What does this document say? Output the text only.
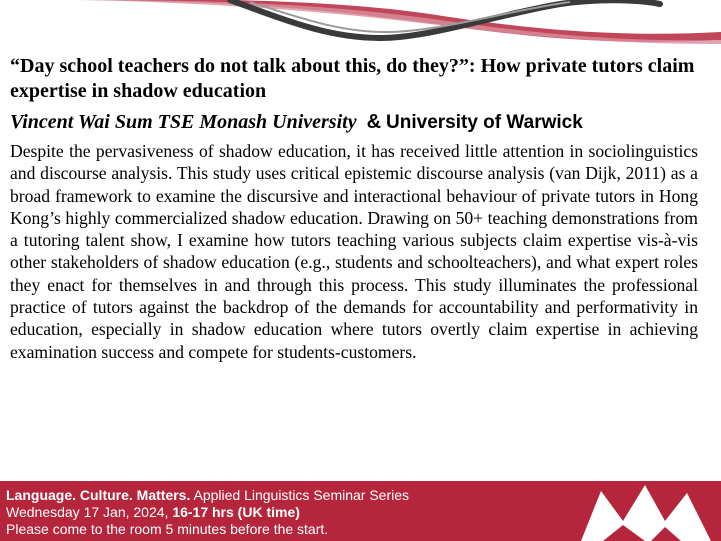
“Day school teachers do not talk about this, do they?”: How private tutors claim expertise in shadow education
Vincent Wai Sum TSE Monash University & University of Warwick

Despite the pervasiveness of shadow education, it has received little attention in sociolinguistics and discourse analysis. This study uses critical epistemic discourse analysis (van Dijk, 2011) as a broad framework to examine the discursive and interactional behaviour of private tutors in Hong Kong’s highly commercialized shadow education. Drawing on 50+ teaching demonstrations from a tutoring talent show, I examine how tutors teaching various subjects claim expertise vis-à-vis other stakeholders of shadow education (e.g., students and schoolteachers), and what expert roles they enact for themselves in and through this process. This study illuminates the professional practice of tutors against the backdrop of the demands for accountability and performativity in education, especially in shadow education where tutors overtly claim expertise in achieving examination success and compete for students-customers.

Language. Culture. Matters. Applied Linguistics Seminar Series
Wednesday 17 Jan, 2024, 16-17 hrs (UK time)
Please come to the room 5 minutes before the start.
